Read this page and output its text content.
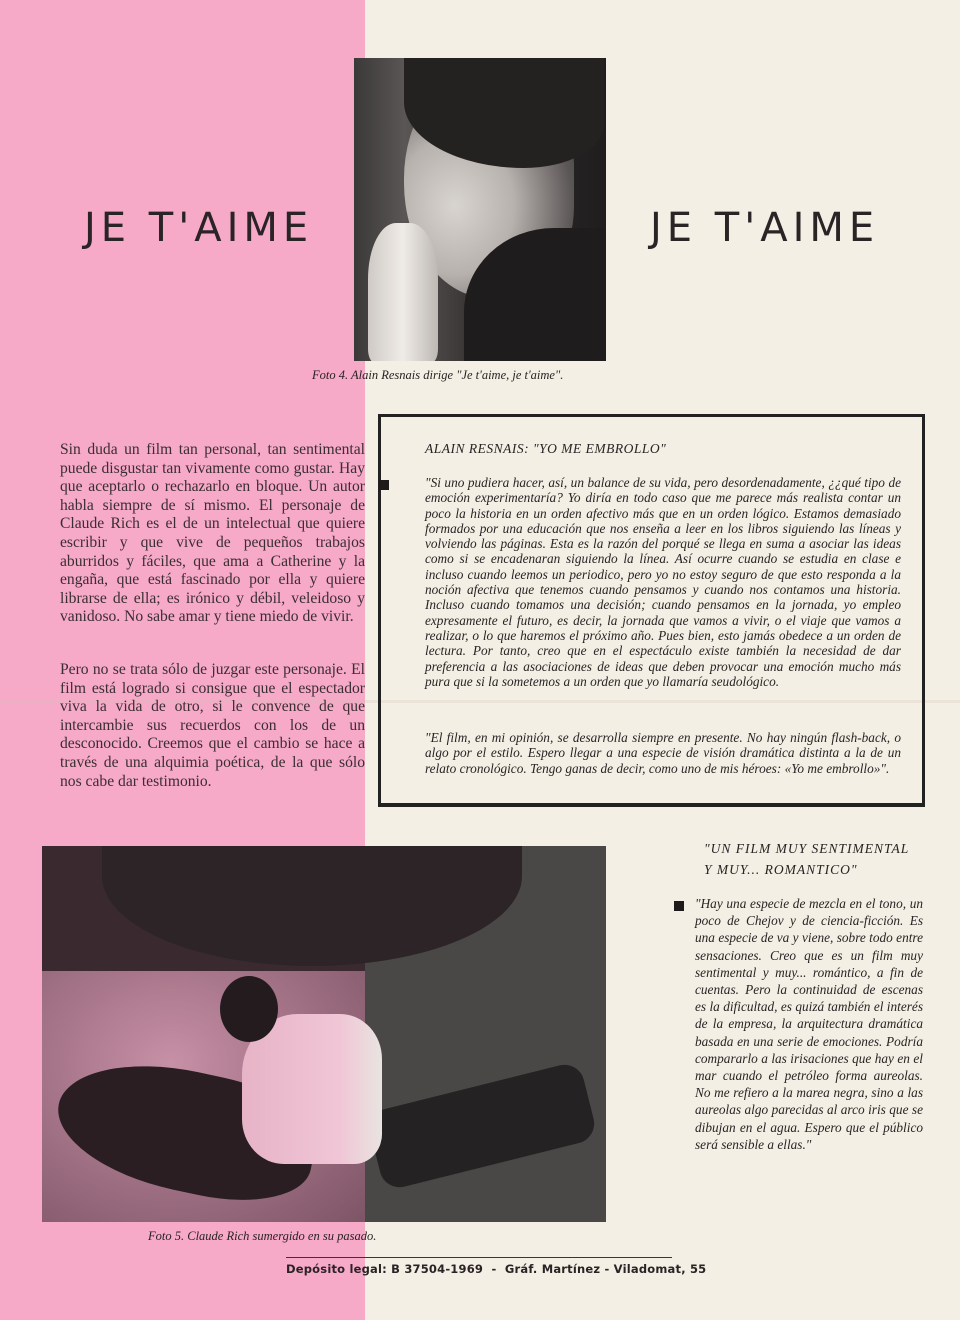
JE T'AIME	JE T'AIME
Foto 4. Alain Resnais dirige "Je t'aime, je t'aime".

Sin duda un film tan personal, tan sentimental puede disgustar tan vivamente como gustar. Hay que aceptarlo o rechazarlo en bloque. Un autor habla siempre de sí mismo. El personaje de Claude Rich es el de un intelectual que quiere escribir y que vive de pequeños trabajos aburridos y fáciles, que ama a Catherine y la engaña, que está fascinado por ella y quiere librarse de ella; es irónico y débil, veleidoso y vanidoso. No sabe amar y tiene miedo de vivir.

Pero no se trata sólo de juzgar este personaje. El film está logrado si consigue que el espectador viva la vida de otro, si le convence de que intercambie sus recuerdos con los de un desconocido. Creemos que el cambio se hace a través de una alquimia poética, de la que sólo nos cabe dar testimonio.

ALAIN RESNAIS: "YO ME EMBROLLO"

"Si uno pudiera hacer, así, un balance de su vida, pero desordenadamente, ¿¿qué tipo de emoción experimentaría? Yo diría en todo caso que me parece más realista contar un poco la historia en un orden afectivo más que en un orden lógico. Estamos demasiado formados por una educación que nos enseña a leer en los libros siguiendo las líneas y volviendo las páginas. Esta es la razón del porqué se llega en suma a asociar las ideas como si se encadenaran siguiendo la línea. Así ocurre cuando se estudia en clase e incluso cuando leemos un periodico, pero yo no estoy seguro de que esto responda a la noción afectiva que tenemos cuando pensamos y cuando nos contamos una historia. Incluso cuando tomamos una decisión; cuando pensamos en la jornada, yo empleo expresamente el futuro, es decir, la jornada que vamos a vivir, o el viaje que vamos a realizar, o lo que haremos el próximo año. Pues bien, esto jamás obedece a un orden de lectura. Por tanto, creo que en el espectáculo existe también la necesidad de dar preferencia a las asociaciones de ideas que deben provocar una emoción mucho más pura que si la sometemos a un orden que yo llamaría seudológico.

"El film, en mi opinión, se desarrolla siempre en presente. No hay ningún flash-back, o algo por el estilo. Espero llegar a una especie de visión dramática distinta a la de un relato cronológico. Tengo ganas de decir, como uno de mis héroes: «Yo me embrollo»".

Foto 5. Claude Rich sumergido en su pasado.
"UN FILM MUY SENTIMENTAL
Y MUY... ROMANTICO"

"Hay una especie de mezcla en el tono, un poco de Chejov y de ciencia-ficción. Es una especie de va y viene, sobre todo entre sensaciones. Creo que es un film muy sentimental y muy... romántico, a fin de cuentas. Pero la continuidad de escenas es la dificultad, es quizá también el interés de la empresa, la arquitectura dramática basada en una serie de emociones. Podría compararlo a las irisaciones que hay en el mar cuando el petróleo forma aureolas. No me refiero a la marea negra, sino a las aureolas algo parecidas al arco iris que se dibujan en el agua. Espero que el público será sensible a ellas."

Depósito legal: B 37504-1969  -  Gráf. Martínez - Viladomat, 55
